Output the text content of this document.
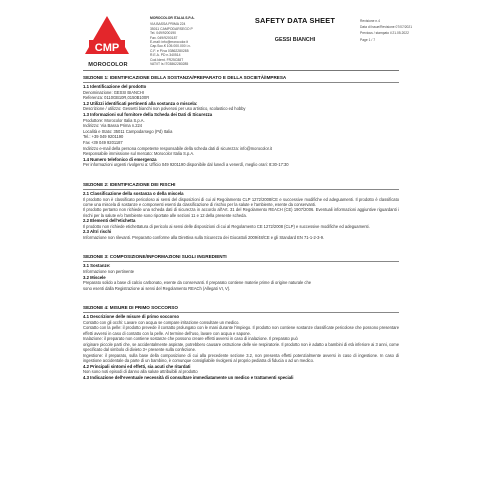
CMP
MOROCOLOR
MOROCOLOR ITALIA S.P.A.
VIA BASSA PRIMA 224
35011 CAMPODARSEGO P
Tel. 049/9200190
Fax. 049/9200187
E-mail: info@morocolor.it
Cap.Soc.€ 105.000.000 i.v.
C.F. e P.iva 03862280285
R.E.A. PD n.340514
Cod.Ident. FR25C88T
VAT/IT Is IT03862280285
SAFETY DATA SHEET
GESSI BIANCHI
Revisione n.4
Data di Issue/Revisione 07/07/2021
Previous / stampato il 21.05.2022
Page 1 / 7
SEZIONE 1: IDENTIFICAZIONE DELLA SOSTANZA/PREPARATO E DELLA SOCIETÀ/IMPRESA
1.1 Identificazione del prodotto
Denominazione: GESSI BIANCHI
Referenza: 0110GB10R,0150B100R
1.2 Utilizzi identificati pertinenti alla sostanza o miscela:
Descrizione / utilizzo: Gessetti bianchi non polverosi per uso artistico, scolastico ed hobby
1.3 Informazioni sul fornitore della Scheda dei Dati di Sicurezza
Produttore: Morocolor Italia S.p.A.
Indirizzo: Via Bassa Prima n.224
Località e Stato: 35011 Campodarsego (Pd) Italia
Tel.: +39 049 9201190
Fax +39 049 9201187
Indirizzo e-mail della persona competente responsabile della scheda dati di sicurezza: info@morocolor.it
Responsabile immissione sul mercato: Morocolor Italia S.p.A.
1.4 Numero telefonico di emergenza
Per informazioni urgenti rivolgersi a: Ufficio 049 9201190 disponibile dal lunedì a venerdì, meglio orari: 8:30-17:30
SEZIONE 2: IDENTIFICAZIONE DEI RISCHI
2.1 Classificazione della sostanza o della miscela
Il prodotto non è classificato pericoloso ai sensi del disposizioni di cui al Regolamento CLP 1272/2008/CE e successive modifiche ed adeguamenti. Il prodotto è classificato come una miscela di sostanze e componenti esenti da classificazione di rischio per la salute e l'ambiente, esente da conservanti.
Il prodotto pertanto non richiede una scheda dati di sicurezza in accordo all'Art. 31 del Regolamento REACH (CE) 1907/2006. Eventuali informazioni aggiuntive riguardanti i rischi per la salute e/o l'ambiente sono riportate alle sezioni 11 e 12 della presente scheda.
2.2 Elementi dell'etichetta
Il prodotto non richiede etichettatura di pericolo ai sensi delle disposizioni di cui al Regolamento CE 1272/2008 (CLP) e successive modifiche ed adeguamenti.
2.3 Altri rischi
Informazione non rilevanti. Prepararto conforme alla Direttiva sulla Sicurezza dei Giocattoli 2009/48/CE e gli Standard EN 71-1-2-3-9.
SEZIONE 3: COMPOSIZIONE/INFORMAZIONI SUGLI INGREDIENTI
3.1 Sostanze:
Informazione non pertinente
3.2 Miscele
Preparato solido a base di calcio carbonato, esente da conservanti. Il preparato contiene materie prime di origine naturale che
sono esenti dalla Registrazione ai sensi del Regolamento REACh (Allegati VI, V).
SEZIONE 4: MISURE DI PRIMO SOCCORSO
4.1 Descrizione delle misure di primo soccorso
Contatto con gli occhi: Lavare con acqua se compare irritazione consultare un medico.
Contatto con la pelle: il prodotto prevede il contatto prolungato con le mani durante l'impiego. Il prodotto non contiene sostanze classificate pericolose che possono presentare effetti avversi in caso di contatto con la pelle. Al termine dell'uso, lavare con acqua e sapone.
Inalazione: il preparato non contiene sostanze che possono creare effetti avversi in caso di inalazione. Il preparato può
originare piccole parti che, se accidentalmente aspirate, potrebbero causare ostruzione delle vie respiratorie. Il prodotto non è adatto a bambini di età inferiore ai 3 anni, come specificato dal simbolo di divieto 3+ presente sulla confezione.
Ingestione: il preparato, sulla base della composizione di cui alla precedente sezione 3.2, non presenta effetti potenzialmente avversi in caso di ingestione. In caso di ingestione accidentale da parte di un bambino, è comunque consigliabile rivolgersi al proprio pediatra di fiducia o ad un medico.
4.2 Principali sintomi ed effetti, sia acuti che ritardati
Non sono noti episodi di danno alla salute attribuibili al prodotto
4.3 Indicazione dell'eventuale necessità di consultare immediatamente un medico e trattamenti speciali
